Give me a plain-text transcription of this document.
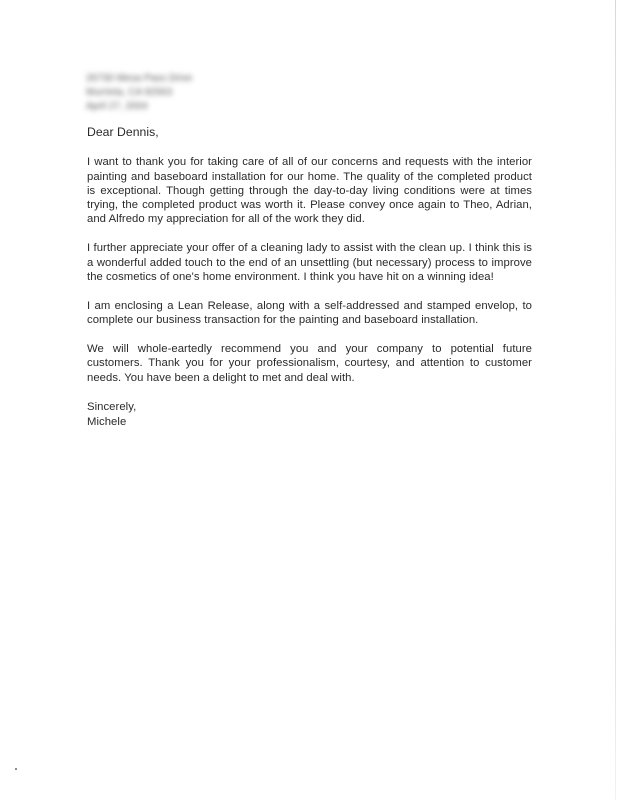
26730 Mesa Pass Drive
Murrieta, CA 92563
April 27, 2004
Dear Dennis,

I want to thank you for taking care of all of our concerns and requests with the interior painting and baseboard installation for our home. The quality of the completed product is exceptional. Though getting through the day-to-day living conditions were at times trying, the completed product was worth it. Please convey once again to Theo, Adrian, and Alfredo my appreciation for all of the work they did.

I further appreciate your offer of a cleaning lady to assist with the clean up. I think this is a wonderful added touch to the end of an unsettling (but necessary) process to improve the cosmetics of one's home environment. I think you have hit on a winning idea!

I am enclosing a Lean Release, along with a self-addressed and stamped envelop, to complete our business transaction for the painting and baseboard installation.

We will whole-eartedly recommend you and your company to potential future customers. Thank you for your professionalism, courtesy, and attention to customer needs. You have been a delight to met and deal with.

Sincerely,
Michele
